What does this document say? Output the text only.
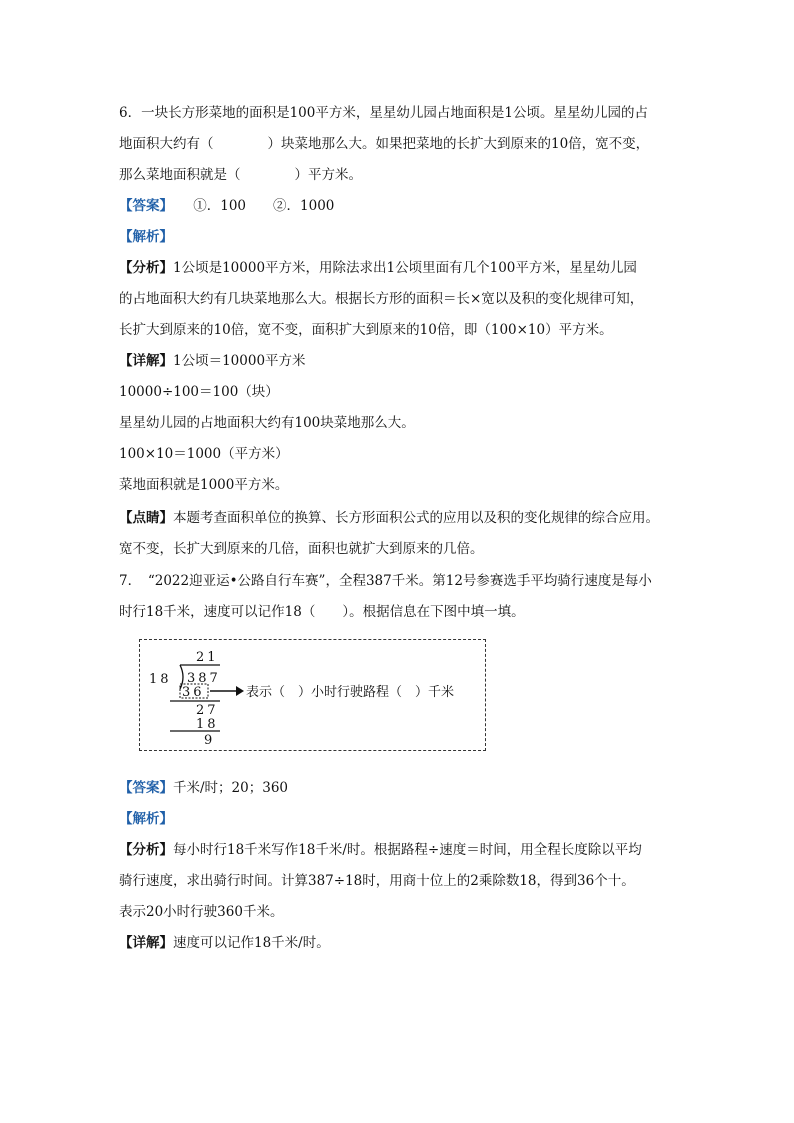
6．一块长方形菜地的面积是100平方米，星星幼儿园占地面积是1公顷。星星幼儿园的占
地面积大约有（　　　　）块菜地那么大。如果把菜地的长扩大到原来的10倍，宽不变，
那么菜地面积就是（　　　　）平方米。
【答案】　　①．100　　②．1000
【解析】
【分析】1公顷是10000平方米，用除法求出1公顷里面有几个100平方米，星星幼儿园
的占地面积大约有几块菜地那么大。根据长方形的面积＝长×宽以及积的变化规律可知，
长扩大到原来的10倍，宽不变，面积扩大到原来的10倍，即（100×10）平方米。
【详解】1公顷＝10000平方米
10000÷100＝100（块）
星星幼儿园的占地面积大约有100块菜地那么大。
100×10＝1000（平方米）
菜地面积就是1000平方米。
【点睛】本题考查面积单位的换算、长方形面积公式的应用以及积的变化规律的综合应用。
宽不变，长扩大到原来的几倍，面积也就扩大到原来的几倍。
7．　“2022迎亚运•公路自行车赛”，全程387千米。第12号参赛选手平均骑行速度是每小
时行18千米，速度可以记作18（　　）。根据信息在下图中填一填。
21
18 387
36	表示（　）小时行驶路程（　）千米
27
18
9
【答案】千米/时；20；360
【解析】
【分析】每小时行18千米写作18千米/时。根据路程÷速度＝时间，用全程长度除以平均
骑行速度，求出骑行时间。计算387÷18时，用商十位上的2乘除数18，得到36个十。
表示20小时行驶360千米。
【详解】速度可以记作18千米/时。
